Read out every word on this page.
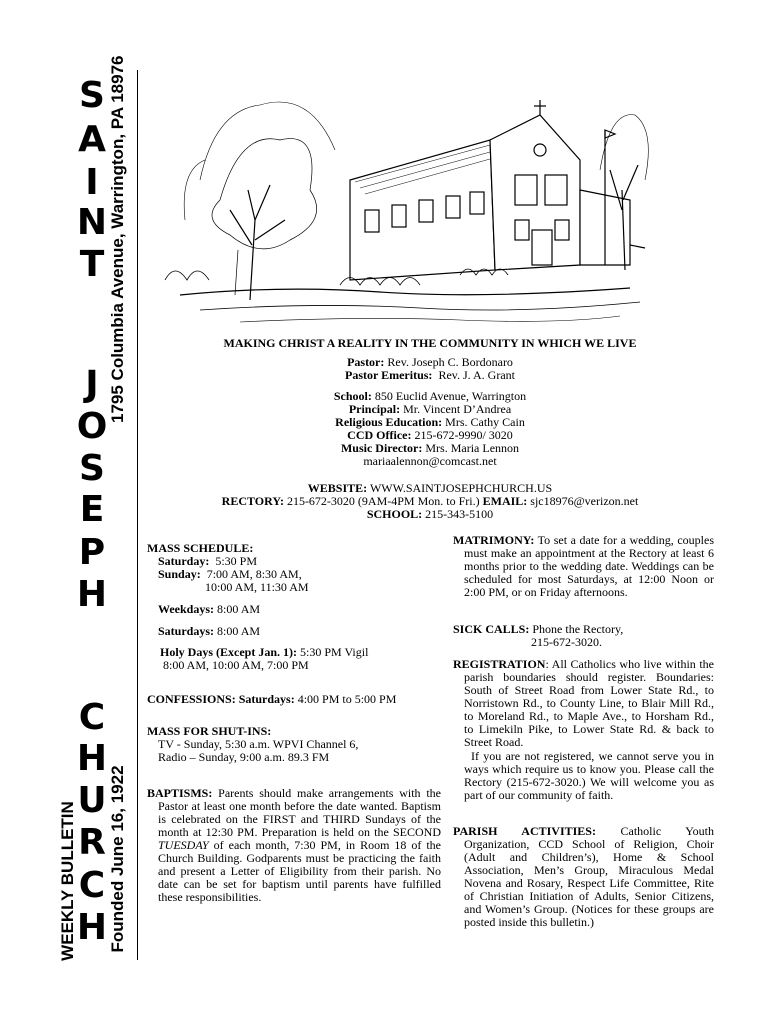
S
A
I
N
T
J
O
S
E
P
H
C
H
U
R
C
H
1795 Columbia Avenue, Warrington, PA 18976
Founded June 16, 1922
WEEKLY BULLETIN
MAKING CHRIST A REALITY IN THE COMMUNITY IN WHICH WE LIVE
Pastor: Rev. Joseph C. Bordonaro
Pastor Emeritus: Rev. J. A. Grant
School: 850 Euclid Avenue, Warrington
Principal: Mr. Vincent D’Andrea
Religious Education: Mrs. Cathy Cain
CCD Office: 215-672-9990/ 3020
Music Director: Mrs. Maria Lennon
mariaalennon@comcast.net
WEBSITE: WWW.SAINTJOSEPHCHURCH.US
RECTORY: 215-672-3020 (9AM-4PM Mon. to Fri.) EMAIL: sjc18976@verizon.net
SCHOOL: 215-343-5100
MASS SCHEDULE:
Saturday: 5:30 PM
Sunday: 7:00 AM, 8:30 AM,
10:00 AM, 11:30 AM
Weekdays: 8:00 AM
Saturdays: 8:00 AM
Holy Days (Except Jan. 1): 5:30 PM Vigil
8:00 AM, 10:00 AM, 7:00 PM
CONFESSIONS: Saturdays: 4:00 PM to 5:00 PM
MASS FOR SHUT-INS:
TV - Sunday, 5:30 a.m. WPVI Channel 6,
Radio – Sunday, 9:00 a.m. 89.3 FM
BAPTISMS: Parents should make arrangements with the Pastor at least one month before the date wanted. Baptism is celebrated on the FIRST and THIRD Sundays of the month at 12:30 PM. Preparation is held on the SECOND TUESDAY of each month, 7:30 PM, in Room 18 of the Church Building. Godparents must be practicing the faith and present a Letter of Eligibility from their parish. No date can be set for baptism until parents have fulfilled these responsibilities.
MATRIMONY: To set a date for a wedding, couples must make an appointment at the Rectory at least 6 months prior to the wedding date. Weddings can be scheduled for most Saturdays, at 12:00 Noon or 2:00 PM, or on Friday afternoons.
SICK CALLS: Phone the Rectory,
215-672-3020.
REGISTRATION: All Catholics who live within the parish boundaries should register. Boundaries: South of Street Road from Lower State Rd., to Norristown Rd., to County Line, to Blair Mill Rd., to Moreland Rd., to Maple Ave., to Horsham Rd., to Limekiln Pike, to Lower State Rd. & back to Street Road.
If you are not registered, we cannot serve you in ways which require us to know you. Please call the Rectory (215-672-3020.) We will welcome you as part of our community of faith.
PARISH ACTIVITIES: Catholic Youth Organization, CCD School of Religion, Choir (Adult and Children’s), Home & School Association, Men’s Group, Miraculous Medal Novena and Rosary, Respect Life Committee, Rite of Christian Initiation of Adults, Senior Citizens, and Women’s Group. (Notices for these groups are posted inside this bulletin.)
